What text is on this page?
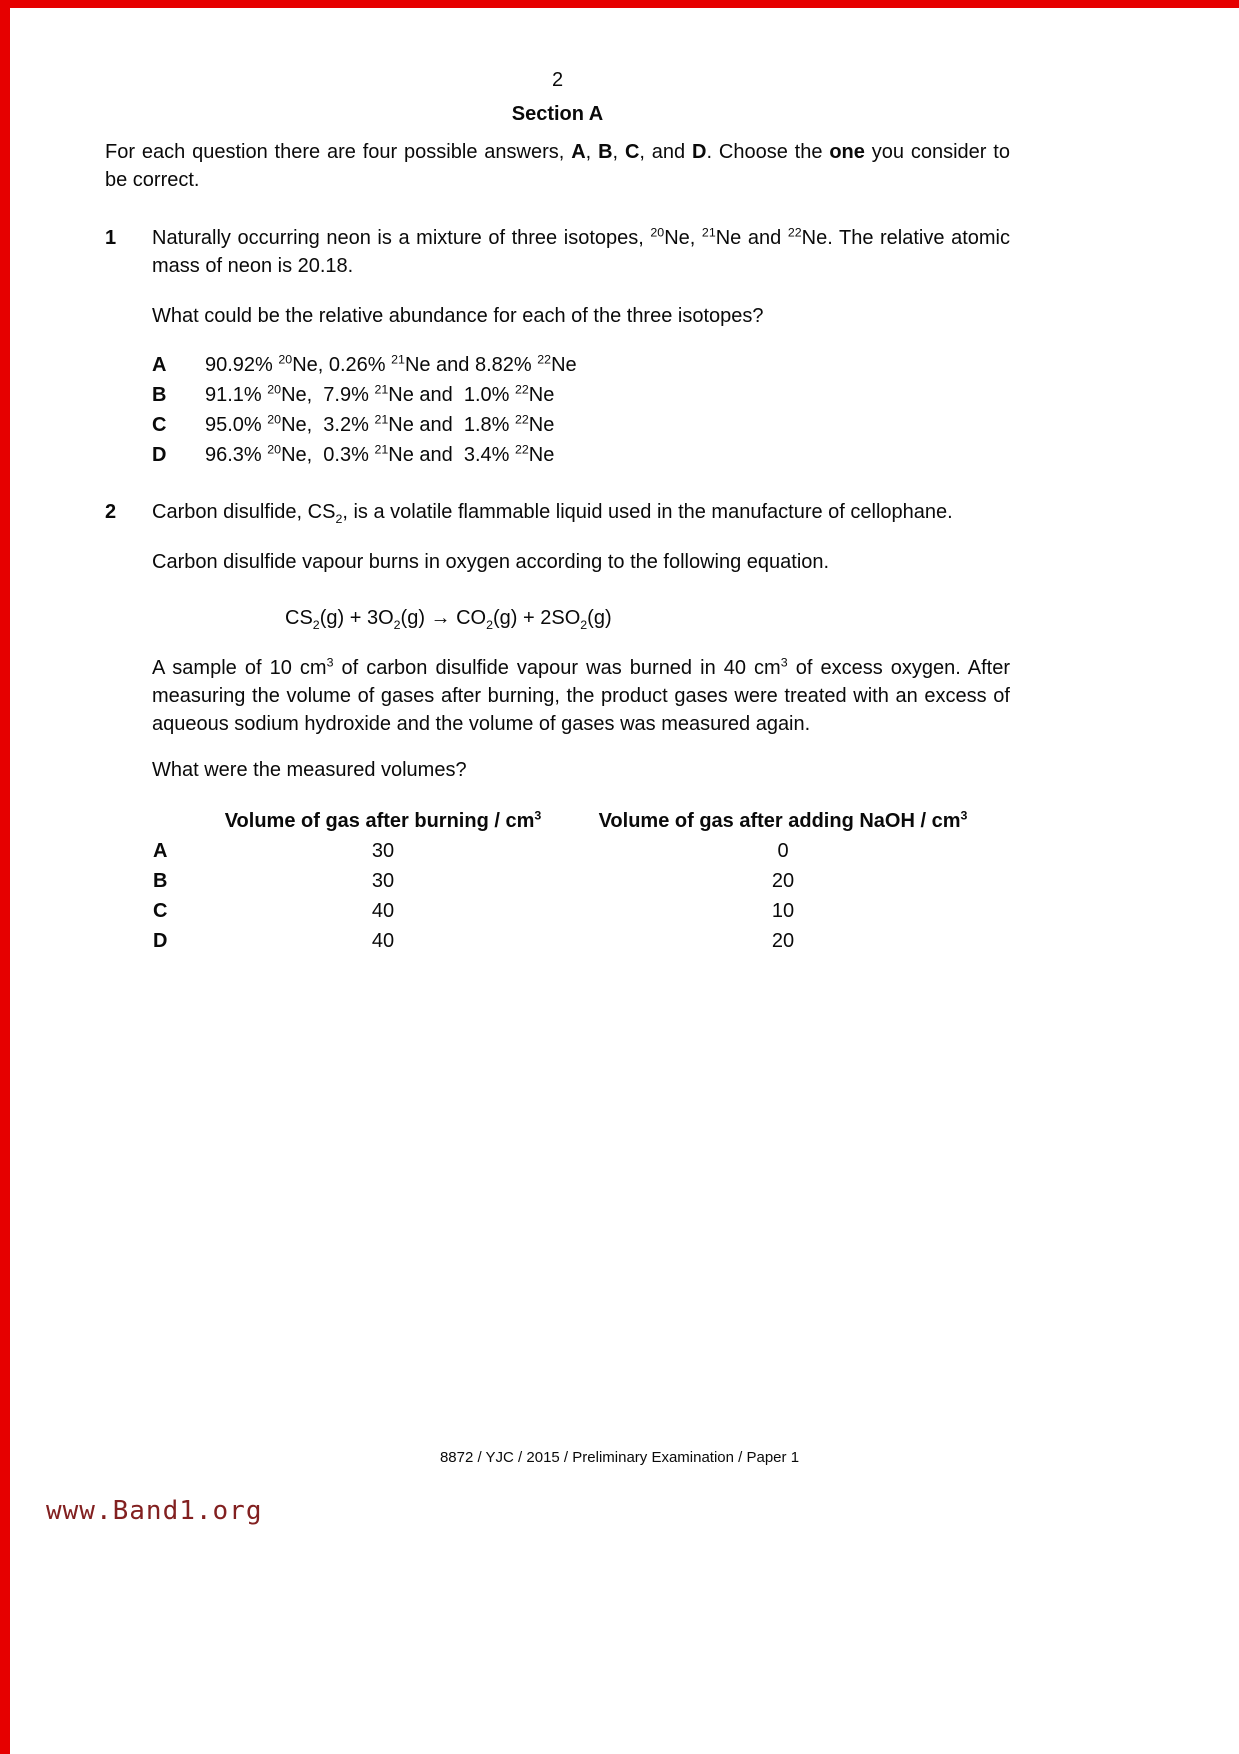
2
Section A

For each question there are four possible answers, A, B, C, and D. Choose the one you consider to be correct.

1	Naturally occurring neon is a mixture of three isotopes, $^{20}$Ne, $^{21}$Ne and $^{22}$Ne. The relative atomic mass of neon is 20.18.

What could be the relative abundance for each of the three isotopes?

A	90.92% $^{20}$Ne, 0.26% $^{21}$Ne and 8.82% $^{22}$Ne
B	91.1% $^{20}$Ne,  7.9% $^{21}$Ne and  1.0% $^{22}$Ne
C	95.0% $^{20}$Ne,  3.2% $^{21}$Ne and  1.8% $^{22}$Ne
D	96.3% $^{20}$Ne,  0.3% $^{21}$Ne and  3.4% $^{22}$Ne
2	Carbon disulfide, $CS_2$, is a volatile flammable liquid used in the manufacture of cellophane.

Carbon disulfide vapour burns in oxygen according to the following equation.

$CS_2(g) + 3O_2(g) \to CO_2(g) + 2SO_2(g)$

A sample of 10 $cm^3$ of carbon disulfide vapour was burned in 40 $cm^3$ of excess oxygen. After measuring the volume of gases after burning, the product gases were treated with an excess of aqueous sodium hydroxide and the volume of gases was measured again.

What were the measured volumes?

Volume of gas after burning / $cm^3$	Volume of gas after adding NaOH / $cm^3$
A	30	0
B	30	20
C	40	10
D	40	20
8872 / YJC / 2015 / Preliminary Examination / Paper 1
www.Band1.org
